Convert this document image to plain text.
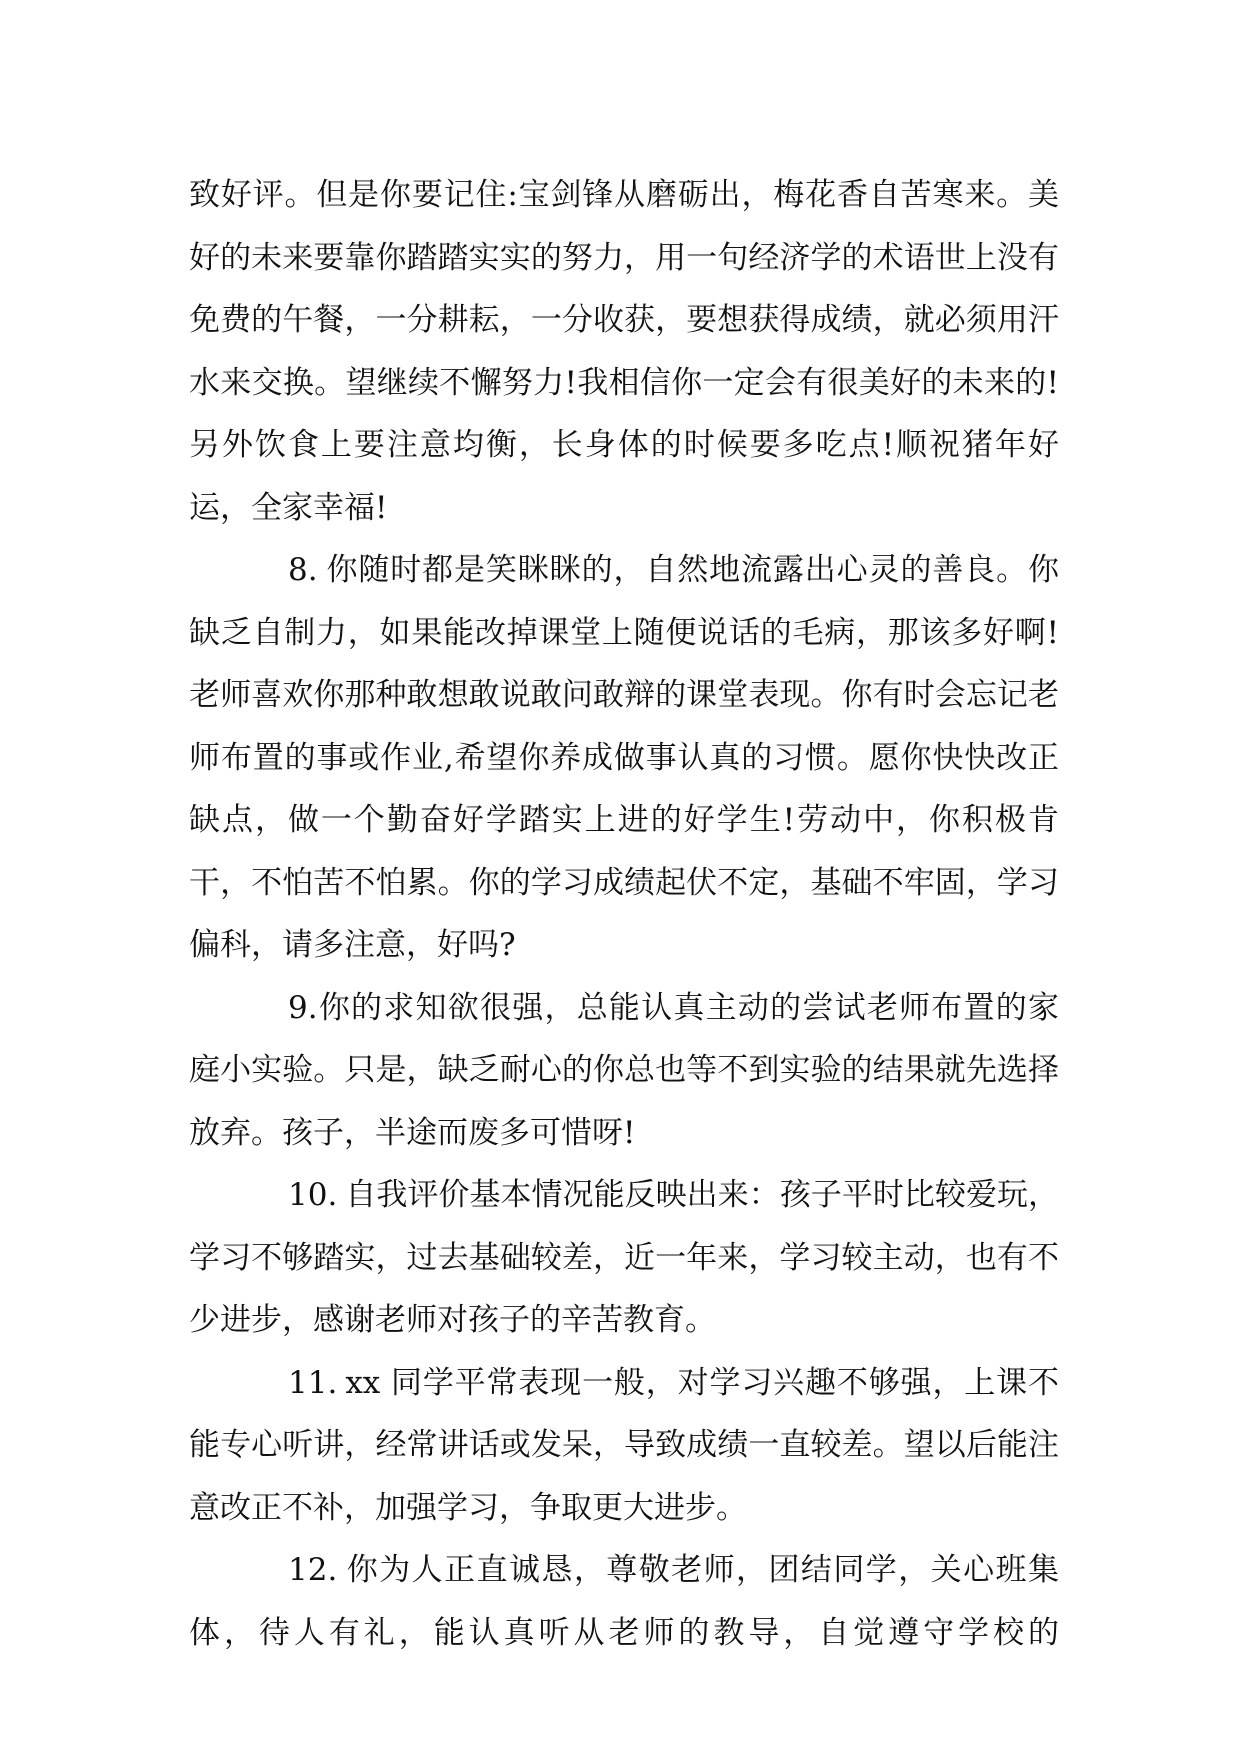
致好评。但是你要记住:宝剑锋从磨砺出，梅花香自苦寒来。美好的未来要靠你踏踏实实的努力，用一句经济学的术语世上没有免费的午餐，一分耕耘，一分收获，要想获得成绩，就必须用汗水来交换。望继续不懈努力!我相信你一定会有很美好的未来的!另外饮食上要注意均衡，长身体的时候要多吃点!顺祝猪年好运，全家幸福!

8. 你随时都是笑眯眯的，自然地流露出心灵的善良。你缺乏自制力，如果能改掉课堂上随便说话的毛病，那该多好啊!老师喜欢你那种敢想敢说敢问敢辩的课堂表现。你有时会忘记老师布置的事或作业,希望你养成做事认真的习惯。愿你快快改正缺点，做一个勤奋好学踏实上进的好学生!劳动中，你积极肯干，不怕苦不怕累。你的学习成绩起伏不定，基础不牢固，学习偏科，请多注意，好吗?

9.你的求知欲很强，总能认真主动的尝试老师布置的家庭小实验。只是，缺乏耐心的你总也等不到实验的结果就先选择放弃。孩子，半途而废多可惜呀!

10. 自我评价基本情况能反映出来：孩子平时比较爱玩，学习不够踏实，过去基础较差，近一年来，学习较主动，也有不少进步，感谢老师对孩子的辛苦教育。

11. xx 同学平常表现一般，对学习兴趣不够强，上课不能专心听讲，经常讲话或发呆，导致成绩一直较差。望以后能注意改正不补，加强学习，争取更大进步。

12. 你为人正直诚恳，尊敬老师，团结同学，关心班集体，待人有礼，能认真听从老师的教导，自觉遵守学校的
